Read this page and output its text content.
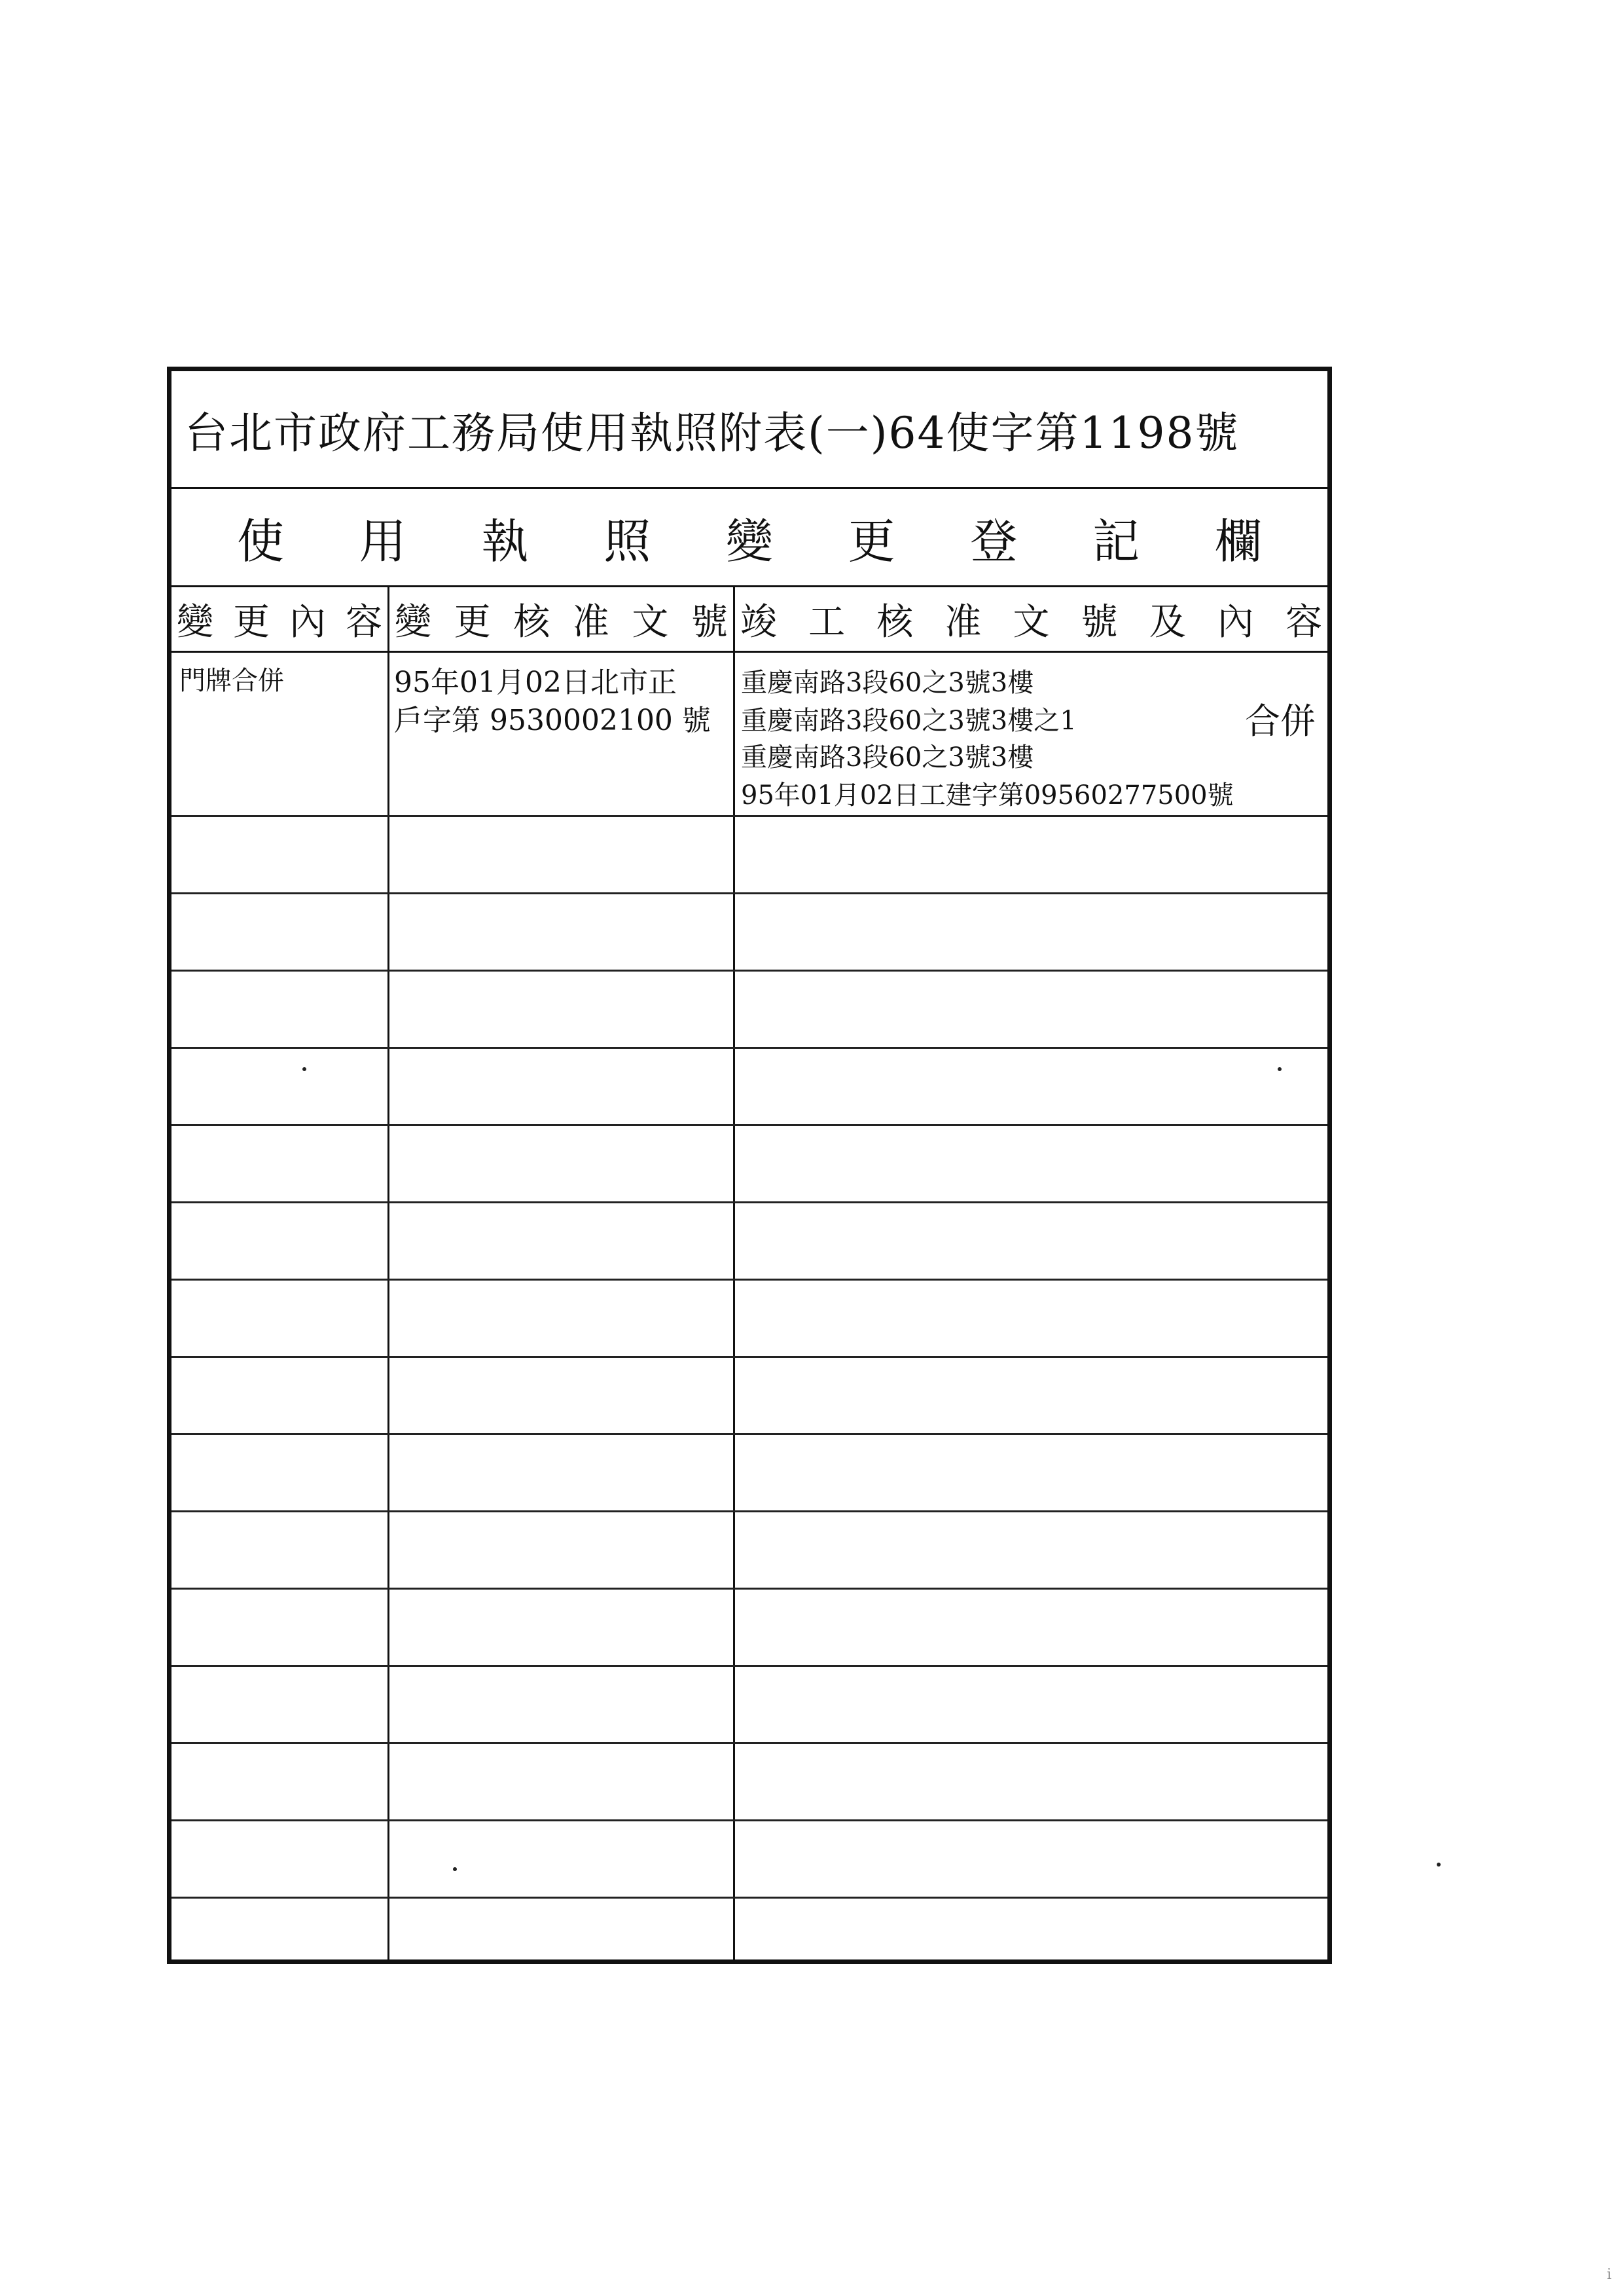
台北市政府工務局使用執照附表(一)64使字第1198號
使 用 執 照 變 更 登 記 欄
變 更 內 容 變 更 核 准 文 號 竣 工 核 准 文 號 及 內 容
門牌合併	95年01月02日北市正
戶字第 9530002100 號
重慶南路3段60之3號3樓
重慶南路3段60之3號3樓之1
重慶南路3段60之3號3樓
95年01月02日工建字第09560277500號
合併
ⅰ
